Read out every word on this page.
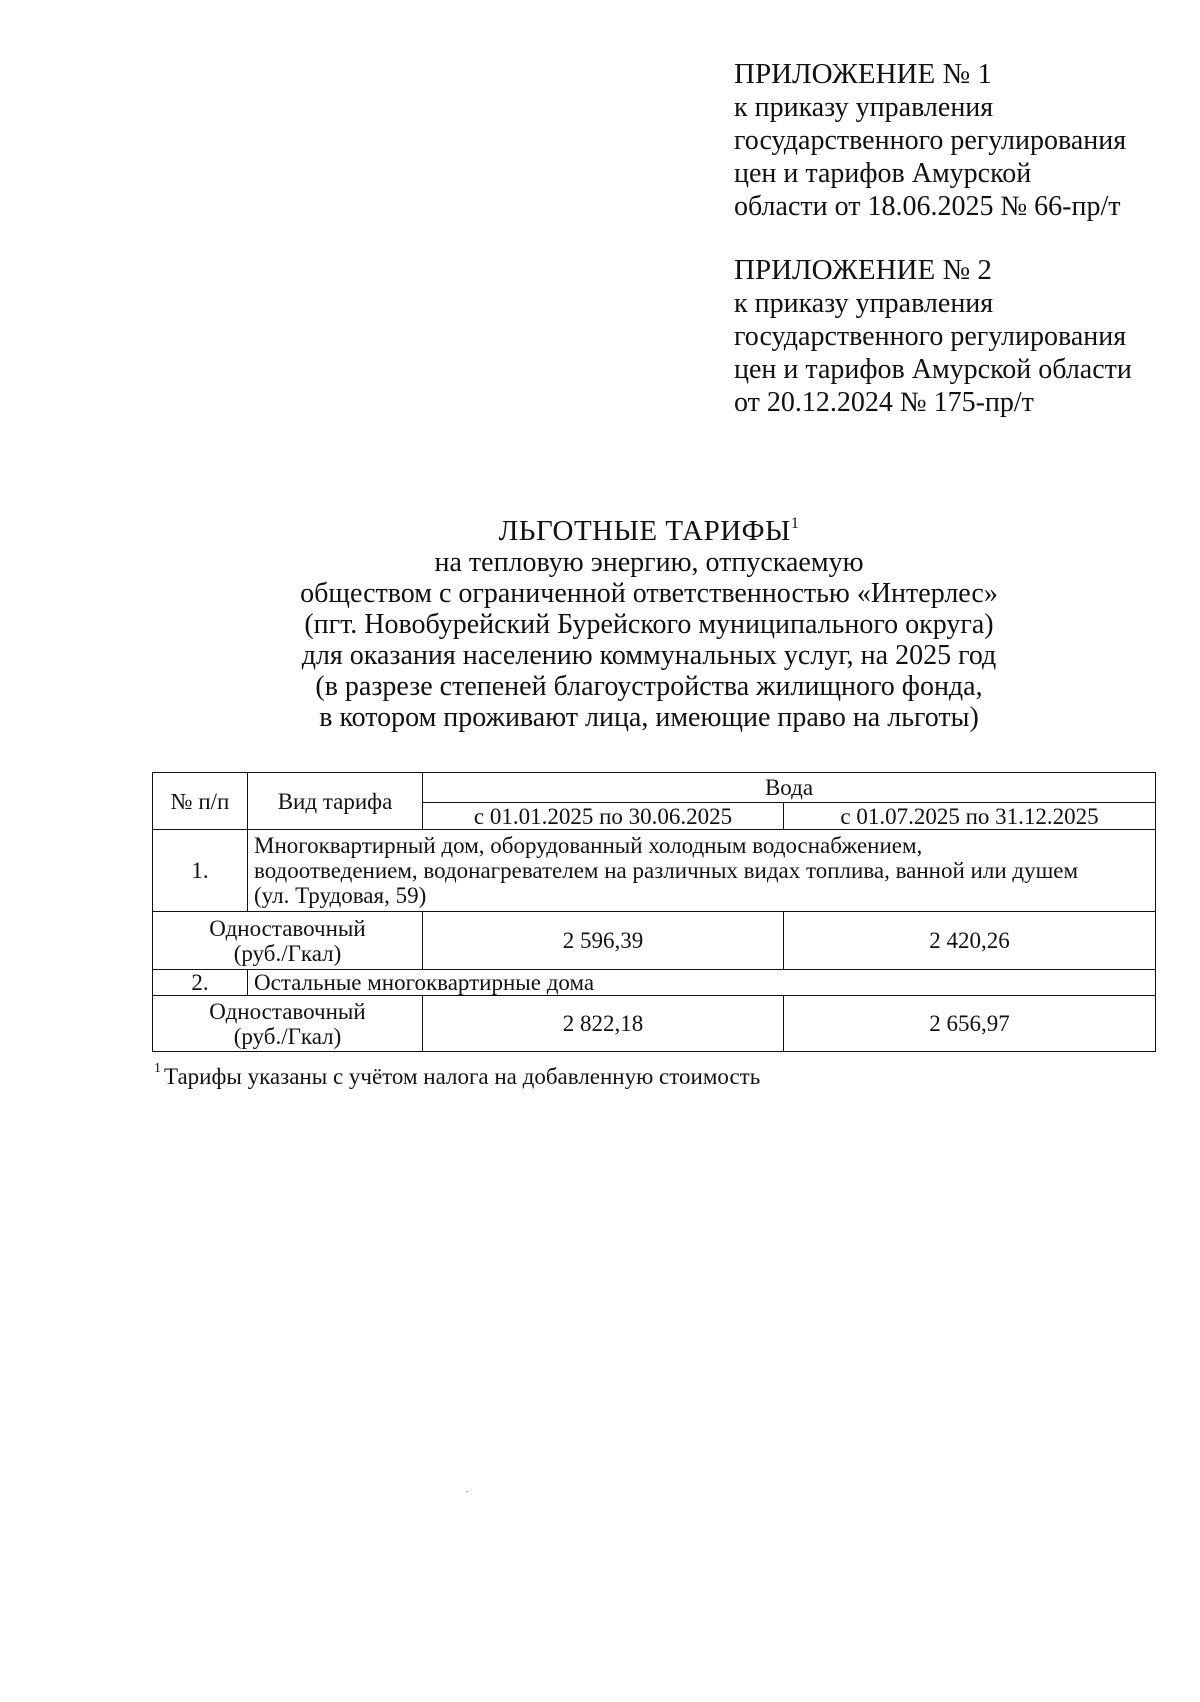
ПРИЛОЖЕНИЕ № 1
к приказу управления
государственного регулирования
цен и тарифов Амурской
области от 18.06.2025 № 66-пр/т
ПРИЛОЖЕНИЕ № 2
к приказу управления
государственного регулирования
цен и тарифов Амурской области
от 20.12.2024 № 175-пр/т
ЛЬГОТНЫЕ ТАРИФЫ$^1$
на тепловую энергию, отпускаемую
обществом с ограниченной ответственностью «Интерлес»
(пгт. Новобурейский Бурейского муниципального округа)
для оказания населению коммунальных услуг, на 2025 год
(в разрезе степеней благоустройства жилищного фонда,
в котором проживают лица, имеющие право на льготы)
№ п/п	Вид тарифа	Вода	
		с 01.01.2025 по 30.06.2025	с 01.07.2025 по 31.12.2025
1.	Многоквартирный дом, оборудованный холодным водоснабжением,
водоотведением, водонагревателем на различных видах топлива, ванной или душем
(ул. Трудовая, 59)		

Одноставочный
(руб./Гкал)		2 596,39	2 420,26
2.	Остальные многоквартирные дома		

Одноставочный
(руб./Гкал)		2 822,18	2 656,97
1 Тарифы указаны с учётом налога на добавленную стоимость
